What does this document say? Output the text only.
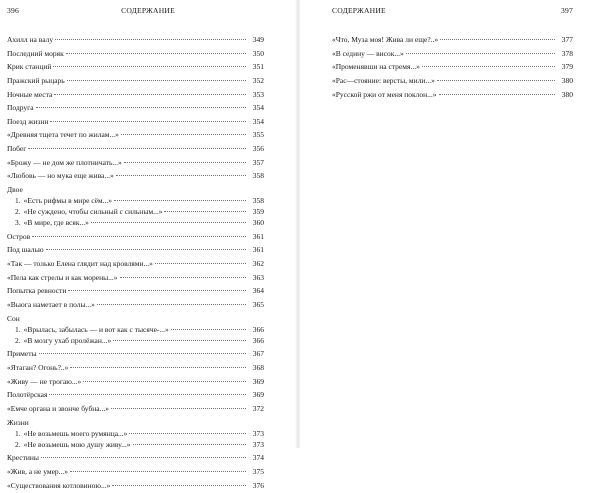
396	СОДЕРЖАНИЕ
Ахилл на валу	349
Последний моряк	350
Крик станций	351
Пражский рыцарь	352
Ночные места	353
Подруга	354
Поезд жизни	354
«Древняя тщета течет по жилам...»	355
Побег	356
«Брожу — не дом же плотничать...»	357
«Любовь — но мука еще жива...»	358
Двое
1. «Есть рифмы в мире сём...»	358
2. «Не суждено, чтобы сильный с сильным...»	359
3. «В мире, где всяк...»	360
Остров	361
Под шалью	361
«Так — только Елена глядит над кровлями...»	362
«Пела как стрелы и как морены...»	363
Попытка ревности	364
«Вьюга наметает в полы...»	365
Сон
1. «Врылась, забылась — и вот как с тысяче-...»	366
2. «В мозгу ухаб пролёжан...»	366
Приметы	367
«Ятаган? Огонь?..»	368
«Живу — не трогаю...»	369
Полотёрская	369
«Емче органа и звонче бубна...»	372
Жизни
1. «Не возьмешь моего румянца...»	373
2. «Не возьмешь мою душу живу...»	373
Крестины	374
«Жив, а не умер...»	375
«Существования котловиною...»	376
СОДЕРЖАНИЕ	397
«Что, Муза моя! Жива ли еще?..»	377
«В седину — висок...»	378
«Променявши на стремя...»	379
«Рас—стояние: версты, мили...»	380
«Русской ржи от меня поклон...»	380
